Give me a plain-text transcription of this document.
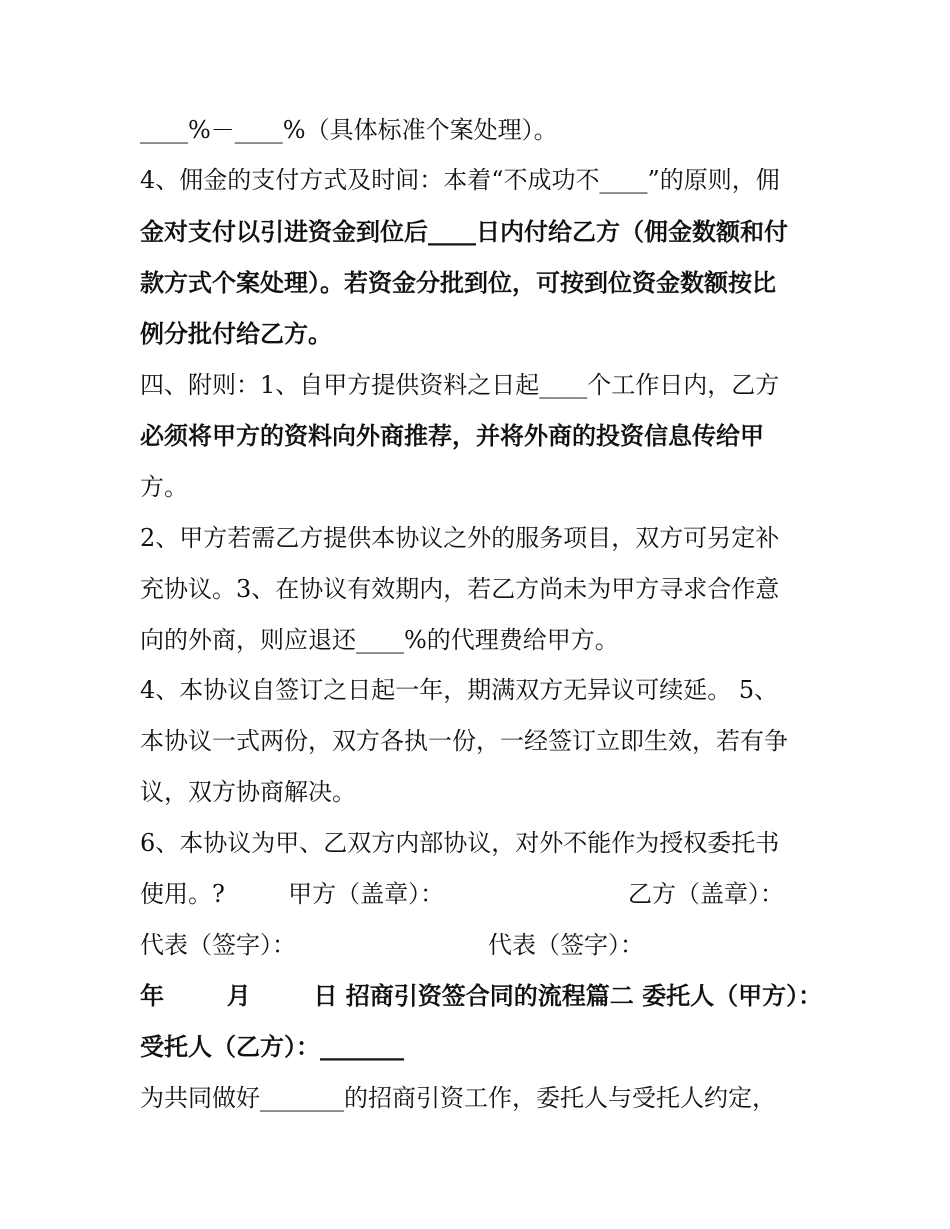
____%－____%（具体标准个案处理）。
4、佣金的支付方式及时间：本着“不成功不____”的原则，佣
金对支付以引进资金到位后____日内付给乙方（佣金数额和付
款方式个案处理）。若资金分批到位，可按到位资金数额按比
例分批付给乙方。
四、附则：1、自甲方提供资料之日起____个工作日内，乙方
必须将甲方的资料向外商推荐，并将外商的投资信息传给甲
方。
2、甲方若需乙方提供本协议之外的服务项目，双方可另定补
充协议。3、在协议有效期内，若乙方尚未为甲方寻求合作意
向的外商，则应退还____%的代理费给甲方。
4、本协议自签订之日起一年，期满双方无异议可续延。 5、
本协议一式两份，双方各执一份，一经签订立即生效，若有争
议，双方协商解决。
6、本协议为甲、乙双方内部协议，对外不能作为授权委托书
使用。?	甲方（盖章）：	乙方（盖章）：
代表（签字）：	代表（签字）：
年	月	日 招商引资签合同的流程篇二 委托人（甲方）：
受托人（乙方）：_______
为共同做好_______的招商引资工作，委托人与受托人约定，
